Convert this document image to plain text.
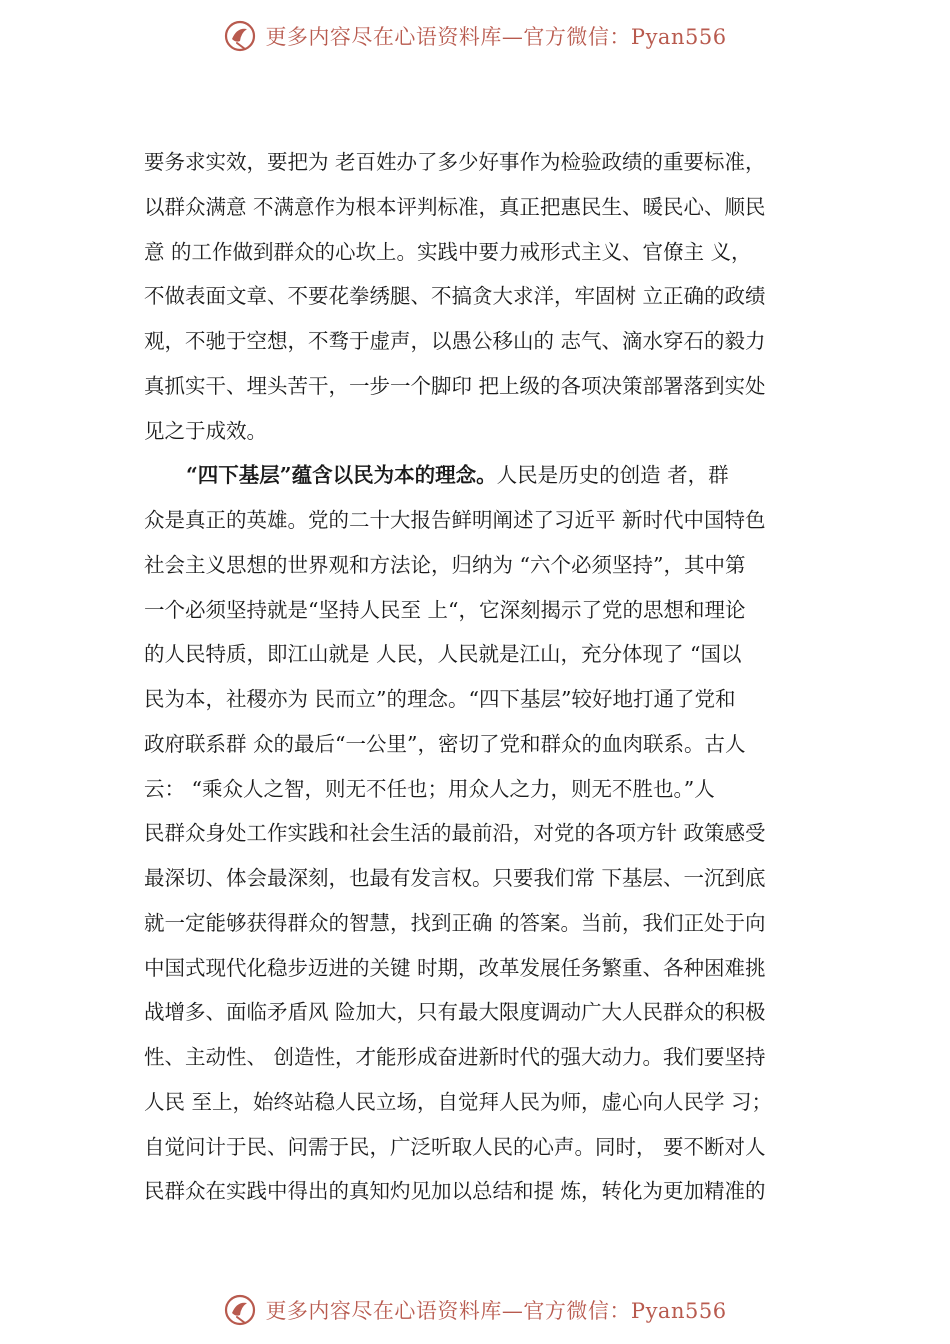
更多内容尽在心语资料库—官方微信：Pyan556
要务求实效，要把为 老百姓办了多少好事作为检验政绩的重要标准，
以群众满意 不满意作为根本评判标准，真正把惠民生、暖民心、顺民
意 的工作做到群众的心坎上。实践中要力戒形式主义、官僚主 义，
不做表面文章、不要花拳绣腿、不搞贪大求洋，牢固树 立正确的政绩
观，不驰于空想，不骛于虚声，以愚公移山的 志气、滴水穿石的毅力
真抓实干、埋头苦干，一步一个脚印 把上级的各项决策部署落到实处
见之于成效。
“四下基层”蕴含以民为本的理念。人民是历史的创造 者，群
众是真正的英雄。党的二十大报告鲜明阐述了习近平 新时代中国特色
社会主义思想的世界观和方法论，归纳为 “六个必须坚持”，其中第
一个必须坚持就是“坚持人民至 上“，它深刻揭示了党的思想和理论
的人民特质，即江山就是 人民，人民就是江山，充分体现了 “国以
民为本，社稷亦为 民而立”的理念。“四下基层”较好地打通了党和
政府联系群 众的最后“一公里”，密切了党和群众的血肉联系。古人
云： “乘众人之智，则无不任也；用众人之力，则无不胜也。”人
民群众身处工作实践和社会生活的最前沿，对党的各项方针 政策感受
最深切、体会最深刻，也最有发言权。只要我们常 下基层、一沉到底
就一定能够获得群众的智慧，找到正确 的答案。当前，我们正处于向
中国式现代化稳步迈进的关键 时期，改革发展任务繁重、各种困难挑
战增多、面临矛盾风 险加大，只有最大限度调动广大人民群众的积极
性、主动性、 创造性，才能形成奋进新时代的强大动力。我们要坚持
人民 至上，始终站稳人民立场，自觉拜人民为师，虚心向人民学 习；
自觉问计于民、问需于民，广泛听取人民的心声。同时， 要不断对人
民群众在实践中得出的真知灼见加以总结和提 炼，转化为更加精准的
更多内容尽在心语资料库—官方微信：Pyan556
